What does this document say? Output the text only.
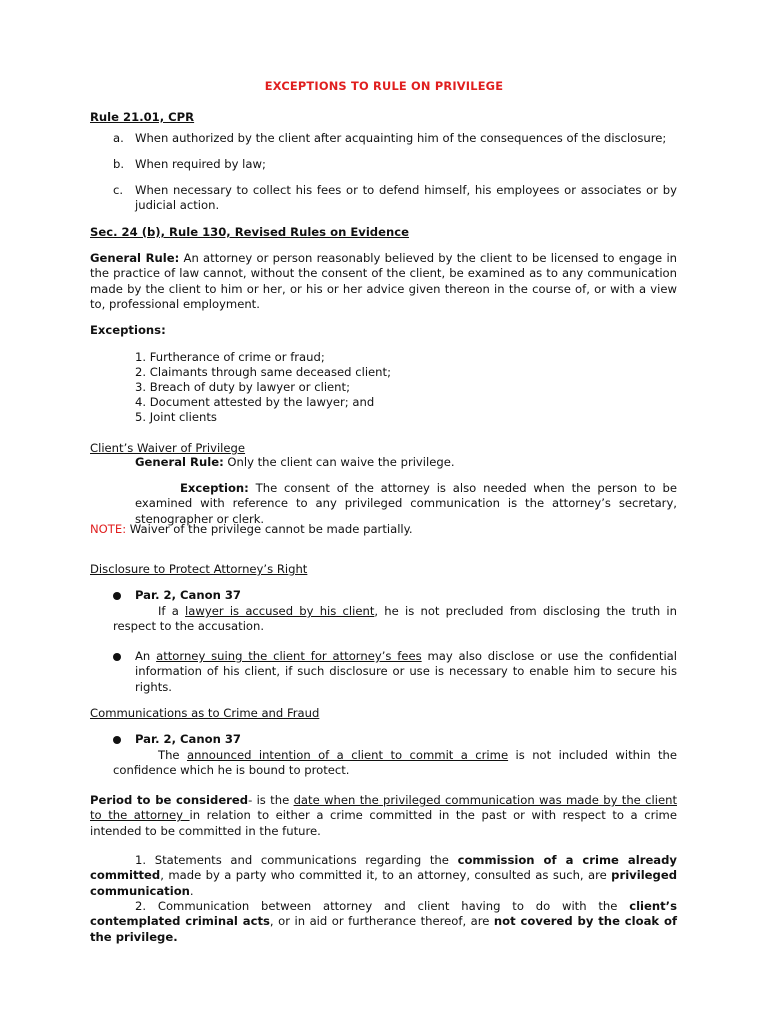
EXCEPTIONS TO RULE ON PRIVILEGE
Rule 21.01, CPR
a. When authorized by the client after acquainting him of the consequences of the disclosure;
b. When required by law;
c.	When necessary to collect his fees or to defend himself, his employees or associates or by judicial action.
Sec. 24 (b), Rule 130, Revised Rules on Evidence
General Rule: An attorney or person reasonably believed by the client to be licensed to engage in the practice of law cannot, without the consent of the client, be examined as to any communication made by the client to him or her, or his or her advice given thereon in the course of, or with a view to, professional employment.
Exceptions:
1. Furtherance of crime or fraud;
2. Claimants through same deceased client;
3. Breach of duty by lawyer or client;
4. Document attested by the lawyer; and
5. Joint clients
Client’s Waiver of Privilege
General Rule: Only the client can waive the privilege.
Exception: The consent of the attorney is also needed when the person to be examined with reference to any privileged communication is the attorney’s secretary, stenographer or clerk.
NOTE: Waiver of the privilege cannot be made partially.
Disclosure to Protect Attorney’s Right
Par. 2, Canon 37
If a lawyer is accused by his client, he is not precluded from disclosing the truth in respect to the accusation.
An attorney suing the client for attorney’s fees may also disclose or use the confidential information of his client, if such disclosure or use is necessary to enable him to secure his rights.
Communications as to Crime and Fraud
Par. 2, Canon 37
The announced intention of a client to commit a crime is not included within the confidence which he is bound to protect.
Period to be considered- is the date when the privileged communication was made by the client to the attorney in relation to either a crime committed in the past or with respect to a crime intended to be committed in the future.
1. Statements and communications regarding the commission of a crime already committed, made by a party who committed it, to an attorney, consulted as such, are privileged communication.
2. Communication between attorney and client having to do with the client’s contemplated criminal acts, or in aid or furtherance thereof, are not covered by the cloak of the privilege.
